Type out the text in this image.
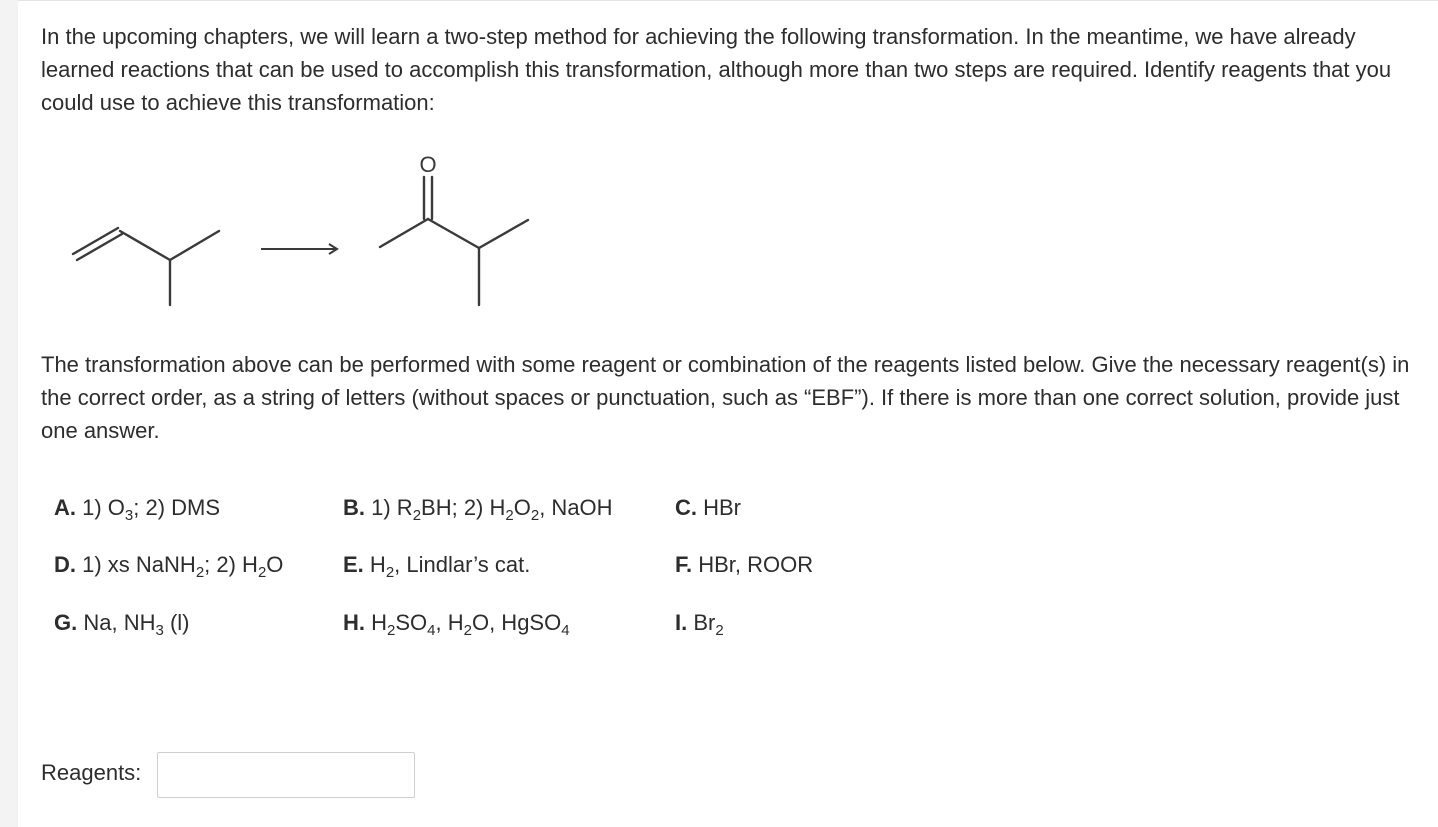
In the upcoming chapters, we will learn a two-step method for achieving the following transformation. In the meantime, we have already learned reactions that can be used to accomplish this transformation, although more than two steps are required. Identify reagents that you could use to achieve this transformation:

O

The transformation above can be performed with some reagent or combination of the reagents listed below. Give the necessary reagent(s) in the correct order, as a string of letters (without spaces or punctuation, such as “EBF”). If there is more than one correct solution, provide just one answer.

A. 1) $O_3$; 2) DMS	B. 1) $R_2BH$; 2) $H_2O_2$, NaOH	C. HBr
D. 1) xs NaNH$_2$; 2) $H_2O$	E. $H_2$, Lindlar’s cat.	F. HBr, ROOR
G. Na, $NH_3$ (l)	H. $H_2SO_4$, $H_2O$, HgSO$_4$	I. $Br_2$
Reagents:
